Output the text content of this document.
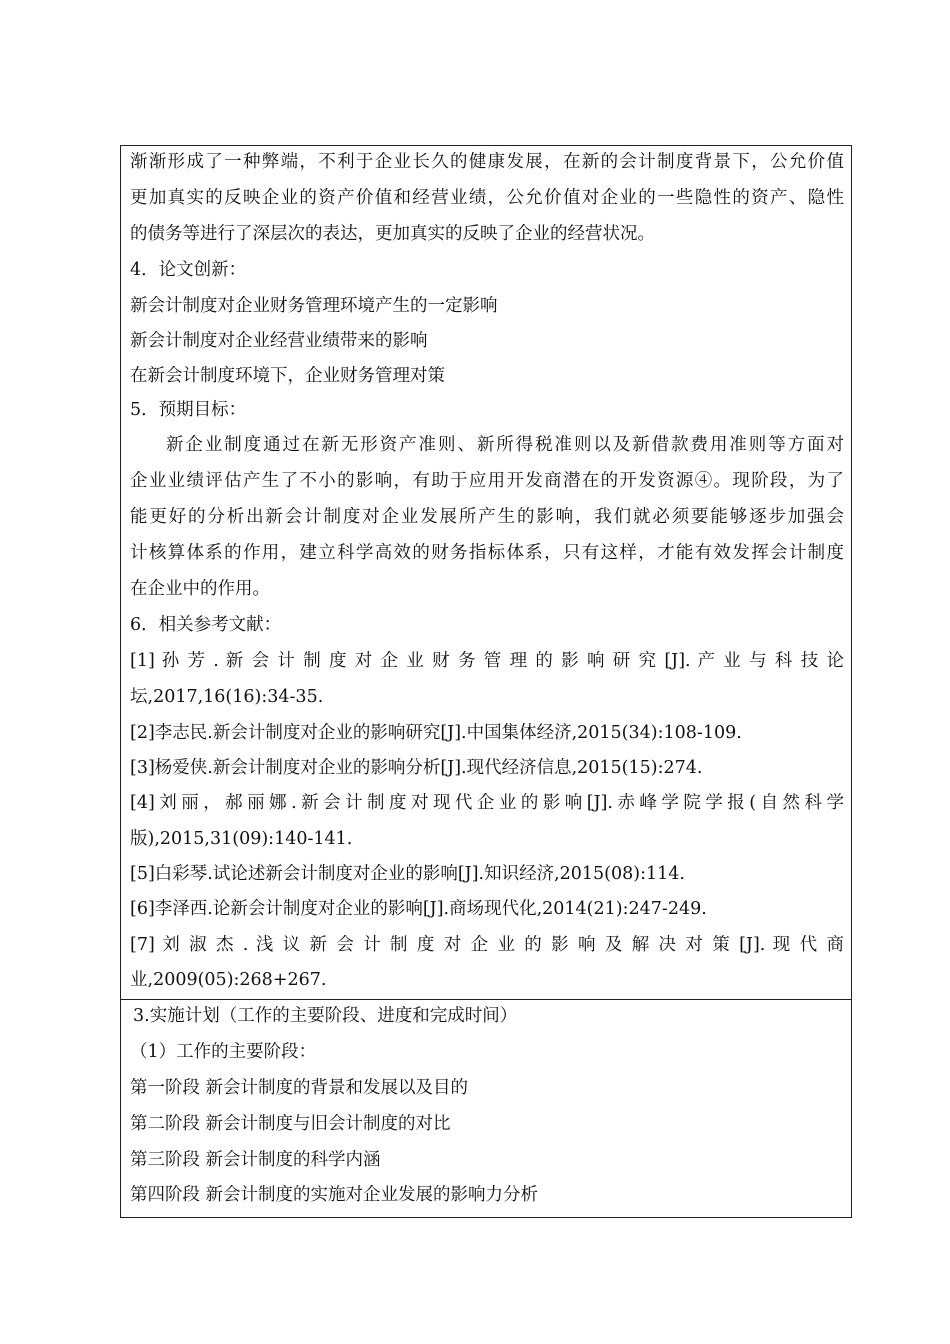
渐渐形成了一种弊端，不利于企业长久的健康发展，在新的会计制度背景下，公允价值
更加真实的反映企业的资产价值和经营业绩，公允价值对企业的一些隐性的资产、隐性
的债务等进行了深层次的表达，更加真实的反映了企业的经营状况。
4．论文创新：
新会计制度对企业财务管理环境产生的一定影响
新会计制度对企业经营业绩带来的影响
在新会计制度环境下，企业财务管理对策
5．预期目标：
新企业制度通过在新无形资产准则、新所得税准则以及新借款费用准则等方面对
企业业绩评估产生了不小的影响，有助于应用开发商潜在的开发资源④。现阶段，为了
能更好的分析出新会计制度对企业发展所产生的影响，我们就必须要能够逐步加强会
计核算体系的作用，建立科学高效的财务指标体系，只有这样，才能有效发挥会计制度
在企业中的作用。
6．相关参考文献：
[1] 孙 芳 . 新 会 计 制 度 对 企 业 财 务 管 理 的 影 响 研 究 [J]. 产 业 与 科 技 论
坛,2017,16(16):34-35.
[2]李志民.新会计制度对企业的影响研究[J].中国集体经济,2015(34):108-109.
[3]杨爱侠.新会计制度对企业的影响分析[J].现代经济信息,2015(15):274.
[4]刘丽，郝丽娜.新会计制度对现代企业的影响[J].赤峰学院学报(自然科学
版),2015,31(09):140-141.
[5]白彩琴.试论述新会计制度对企业的影响[J].知识经济,2015(08):114.
[6]李泽西.论新会计制度对企业的影响[J].商场现代化,2014(21):247-249.
[7] 刘 淑 杰 . 浅 议 新 会 计 制 度 对 企 业 的 影 响 及 解 决 对 策 [J]. 现 代 商
业,2009(05):268+267.
3.实施计划（工作的主要阶段、进度和完成时间）
（1）工作的主要阶段：
第一阶段 新会计制度的背景和发展以及目的
第二阶段 新会计制度与旧会计制度的对比
第三阶段 新会计制度的科学内涵
第四阶段 新会计制度的实施对企业发展的影响力分析
